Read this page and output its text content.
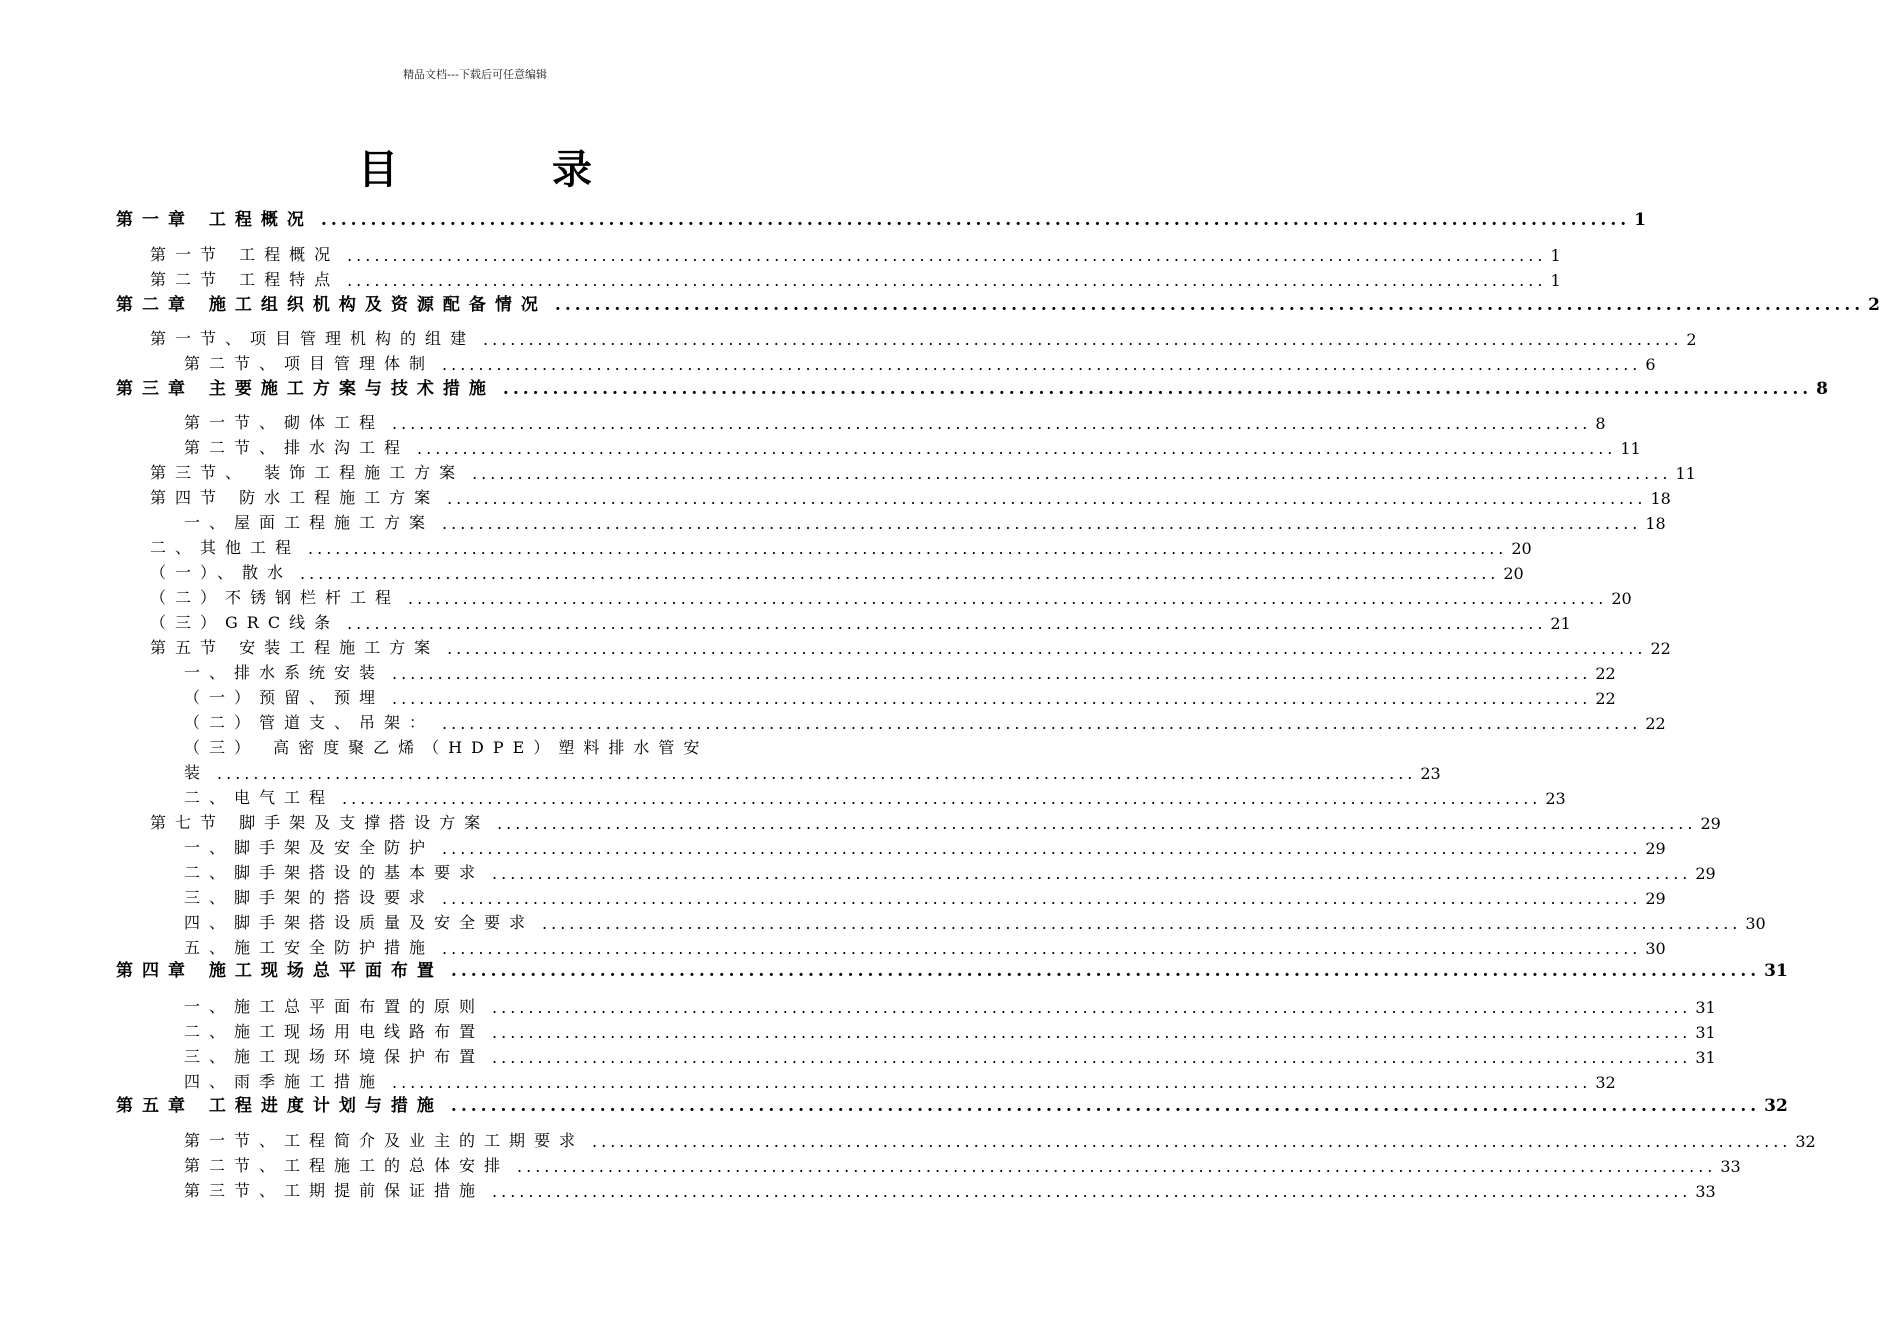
精品文档---下载后可任意编辑
目 录
第一章 工程概况 .................................................................................................................................... 1
第一节 工程概况 .................................................................................................................................... 1
第二节 工程特点 .................................................................................................................................... 1
第二章 施工组织机构及资源配备情况 .................................................................................................................................... 2
第一节、项目管理机构的组建 .................................................................................................................................... 2
第二节、项目管理体制 .................................................................................................................................... 6
第三章 主要施工方案与技术措施 .................................................................................................................................... 8
第一节、砌体工程 .................................................................................................................................... 8
第二节、排水沟工程 .................................................................................................................................... 11
第三节、 装饰工程施工方案 .................................................................................................................................... 11
第四节 防水工程施工方案 .................................................................................................................................... 18
一、屋面工程施工方案 .................................................................................................................................... 18
二、其他工程 .................................................................................................................................... 20
（一）、散水 .................................................................................................................................... 20
（二）不锈钢栏杆工程 .................................................................................................................................... 20
（三）GRC线条 .................................................................................................................................... 21
第五节 安装工程施工方案 .................................................................................................................................... 22
一、排水系统安装 .................................................................................................................................... 22
（一）预留、预埋 .................................................................................................................................... 22
（二）管道支、吊架： .................................................................................................................................... 22
（三） 高密度聚乙烯（HDPE）塑料排水管安
装 .................................................................................................................................... 23
二、电气工程 .................................................................................................................................... 23
第七节 脚手架及支撑搭设方案 .................................................................................................................................... 29
一、脚手架及安全防护 .................................................................................................................................... 29
二、脚手架搭设的基本要求 .................................................................................................................................... 29
三、脚手架的搭设要求 .................................................................................................................................... 29
四、脚手架搭设质量及安全要求 .................................................................................................................................... 30
五、施工安全防护措施 .................................................................................................................................... 30
第四章 施工现场总平面布置 .................................................................................................................................... 31
一、施工总平面布置的原则 .................................................................................................................................... 31
二、施工现场用电线路布置 .................................................................................................................................... 31
三、施工现场环境保护布置 .................................................................................................................................... 31
四、雨季施工措施 .................................................................................................................................... 32
第五章 工程进度计划与措施 .................................................................................................................................... 32
第一节、工程简介及业主的工期要求 .................................................................................................................................... 32
第二节、工程施工的总体安排 .................................................................................................................................... 33
第三节、工期提前保证措施 .................................................................................................................................... 33
